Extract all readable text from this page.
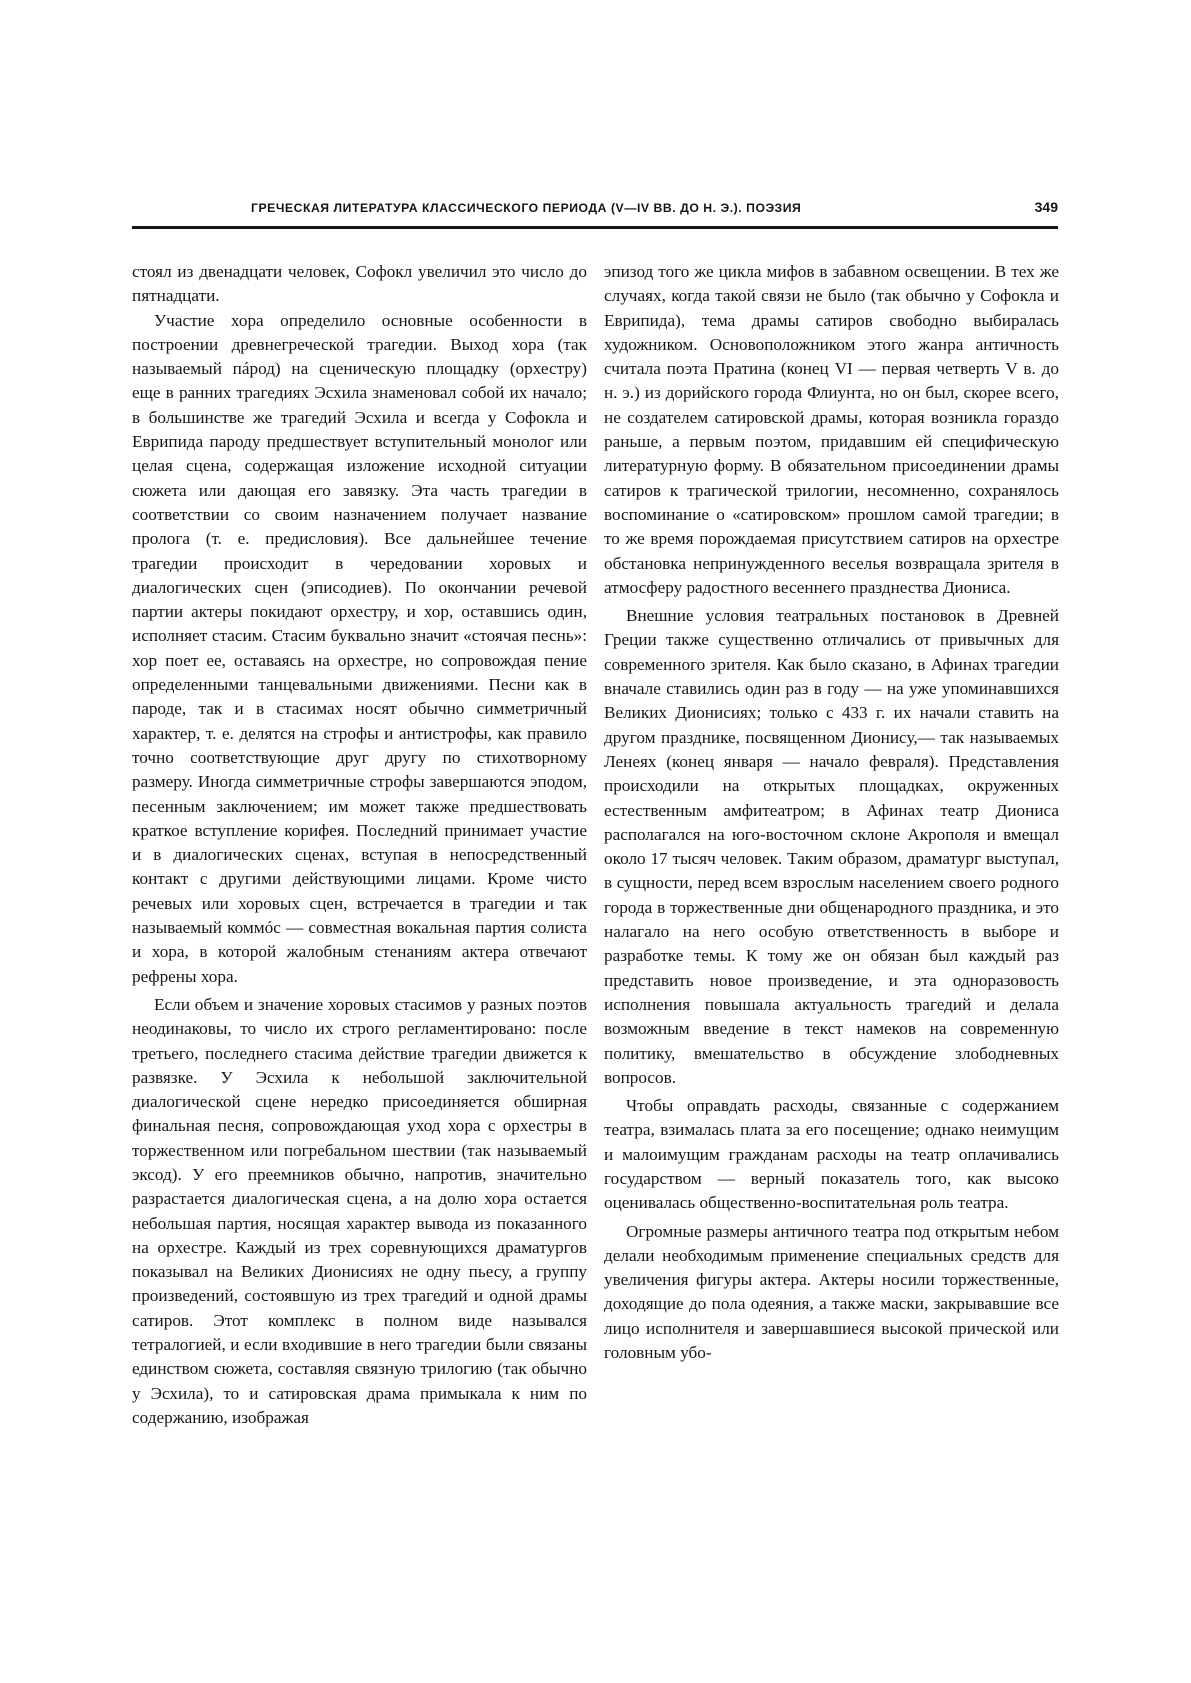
ГРЕЧЕСКАЯ ЛИТЕРАТУРА КЛАССИЧЕСКОГО ПЕРИОДА (V—IV ВВ. ДО Н. Э.). ПОЭЗИЯ	349

стоял из двенадцати человек, Софокл увеличил это число до пятнадцати.

Участие хора определило основные особенности в построении древнегреческой трагедии. Выход хора (так называемый пáрод) на сценическую площадку (орхестру) еще в ранних трагедиях Эсхила знаменовал собой их начало; в большинстве же трагедий Эсхила и всегда у Софокла и Еврипида пароду предшествует вступительный монолог или целая сцена, содержащая изложение исходной ситуации сюжета или дающая его завязку. Эта часть трагедии в соответствии со своим назначением получает название пролога (т. е. предисловия). Все дальнейшее течение трагедии происходит в чередовании хоровых и диалогических сцен (эписодиев). По окончании речевой партии актеры покидают орхестру, и хор, оставшись один, исполняет стасим. Стасим буквально значит «стоячая песнь»: хор поет ее, оставаясь на орхестре, но сопровождая пение определенными танцевальными движениями. Песни как в пароде, так и в стасимах носят обычно симметричный характер, т. е. делятся на строфы и антистрофы, как правило точно соответствующие друг другу по стихотворному размеру. Иногда симметричные строфы завершаются эподом, песенным заключением; им может также предшествовать краткое вступление корифея. Последний принимает участие и в диалогических сценах, вступая в непосредственный контакт с другими действующими лицами. Кроме чисто речевых или хоровых сцен, встречается в трагедии и так называемый коммóс — совместная вокальная партия солиста и хора, в которой жалобным стенаниям актера отвечают рефрены хора.

Если объем и значение хоровых стасимов у разных поэтов неодинаковы, то число их строго регламентировано: после третьего, последнего стасима действие трагедии движется к развязке. У Эсхила к небольшой заключительной диалогической сцене нередко присоединяется обширная финальная песня, сопровождающая уход хора с орхестры в торжественном или погребальном шествии (так называемый эксод). У его преемников обычно, напротив, значительно разрастается диалогическая сцена, а на долю хора остается небольшая партия, носящая характер вывода из показанного на орхестре. Каждый из трех соревнующихся драматургов показывал на Великих Дионисиях не одну пьесу, а группу произведений, состоявшую из трех трагедий и одной драмы сатиров. Этот комплекс в полном виде назывался тетралогией, и если входившие в него трагедии были связаны единством сюжета, составляя связную трилогию (так обычно у Эсхила), то и сатировская драма примыкала к ним по содержанию, изображая

эпизод того же цикла мифов в забавном освещении. В тех же случаях, когда такой связи не было (так обычно у Софокла и Еврипида), тема драмы сатиров свободно выбиралась художником. Основоположником этого жанра античность считала поэта Пратина (конец VI — первая четверть V в. до н. э.) из дорийского города Флиунта, но он был, скорее всего, не создателем сатировской драмы, которая возникла гораздо раньше, а первым поэтом, придавшим ей специфическую литературную форму. В обязательном присоединении драмы сатиров к трагической трилогии, несомненно, сохранялось воспоминание о «сатировском» прошлом самой трагедии; в то же время порождаемая присутствием сатиров на орхестре обстановка непринужденного веселья возвращала зрителя в атмосферу радостного весеннего празднества Диониса.

Внешние условия театральных постановок в Древней Греции также существенно отличались от привычных для современного зрителя. Как было сказано, в Афинах трагедии вначале ставились один раз в году — на уже упоминавшихся Великих Дионисиях; только с 433 г. их начали ставить на другом празднике, посвященном Дионису,— так называемых Ленеях (конец января — начало февраля). Представления происходили на открытых площадках, окруженных естественным амфитеатром; в Афинах театр Диониса располагался на юго-восточном склоне Акрополя и вмещал около 17 тысяч человек. Таким образом, драматург выступал, в сущности, перед всем взрослым населением своего родного города в торжественные дни общенародного праздника, и это налагало на него особую ответственность в выборе и разработке темы. К тому же он обязан был каждый раз представить новое произведение, и эта одноразовость исполнения повышала актуальность трагедий и делала возможным введение в текст намеков на современную политику, вмешательство в обсуждение злободневных вопросов.

Чтобы оправдать расходы, связанные с содержанием театра, взималась плата за его посещение; однако неимущим и малоимущим гражданам расходы на театр оплачивались государством — верный показатель того, как высоко оценивалась общественно-воспитательная роль театра.

Огромные размеры античного театра под открытым небом делали необходимым применение специальных средств для увеличения фигуры актера. Актеры носили торжественные, доходящие до пола одеяния, а также маски, закрывавшие все лицо исполнителя и завершавшиеся высокой прической или головным убо-
